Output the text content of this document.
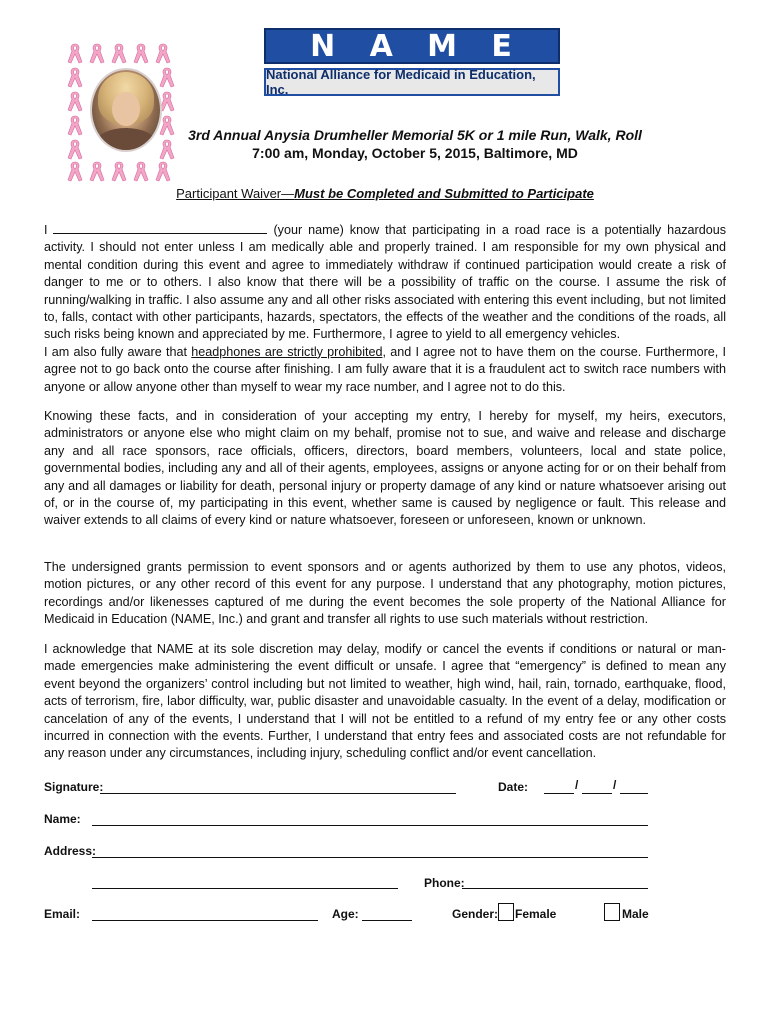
N A M E
National Alliance for Medicaid in Education, Inc.
3rd Annual Anysia Drumheller Memorial 5K or 1 mile Run, Walk, Roll
7:00 am, Monday, October 5, 2015, Baltimore, MD
Participant Waiver—Must be Completed and Submitted to Participate

I	(your name) know that participating in a road race is a potentially hazardous activity. I should not enter unless I am medically able and properly trained. I am responsible for my own physical and mental condition during this event and agree to immediately withdraw if continued participation would create a risk of danger to me or to others. I also know that there will be a possibility of traffic on the course. I assume the risk of running/walking in traffic. I also assume any and all other risks associated with entering this event including, but not limited to, falls, contact with other participants, hazards, spectators, the effects of the weather and the conditions of the roads, all such risks being known and appreciated by me. Furthermore, I agree to yield to all emergency vehicles.

I am also fully aware that headphones are strictly prohibited, and I agree not to have them on the course. Furthermore, I agree not to go back onto the course after finishing. I am fully aware that it is a fraudulent act to switch race numbers with anyone or allow anyone other than myself to wear my race number, and I agree not to do this.

Knowing these facts, and in consideration of your accepting my entry, I hereby for myself, my heirs, executors, administrators or anyone else who might claim on my behalf, promise not to sue, and waive and release and discharge any and all race sponsors, race officials, officers, directors, board members, volunteers, local and state police, governmental bodies, including any and all of their agents, employees, assigns or anyone acting for or on their behalf from any and all damages or liability for death, personal injury or property damage of any kind or nature whatsoever arising out of, or in the course of, my participating in this event, whether same is caused by negligence or fault. This release and waiver extends to all claims of every kind or nature whatsoever, foreseen or unforeseen, known or unknown.
The undersigned grants permission to event sponsors and or agents authorized by them to use any photos, videos, motion pictures, or any other record of this event for any purpose. I understand that any photography, motion pictures, recordings and/or likenesses captured of me during the event becomes the sole property of the National Alliance for Medicaid in Education (NAME, Inc.) and grant and transfer all rights to use such materials without restriction.
I acknowledge that NAME at its sole discretion may delay, modify or cancel the events if conditions or natural or man-made emergencies make administering the event difficult or unsafe. I agree that “emergency” is defined to mean any event beyond the organizers’ control including but not limited to weather, high wind, hail, rain, tornado, earthquake, flood, acts of terrorism, fire, labor difficulty, war, public disaster and unavoidable casualty. In the event of a delay, modification or cancelation of any of the events, I understand that I will not be entitled to a refund of my entry fee or any other costs incurred in connection with the events. Further, I understand that entry fees and associated costs are not refundable for any reason under any circumstances, including injury, scheduling conflict and/or event cancellation.
Signature:	Date:	/	/
Name:
Address:
Phone:
Email:	Age:	Gender: Female	Male
